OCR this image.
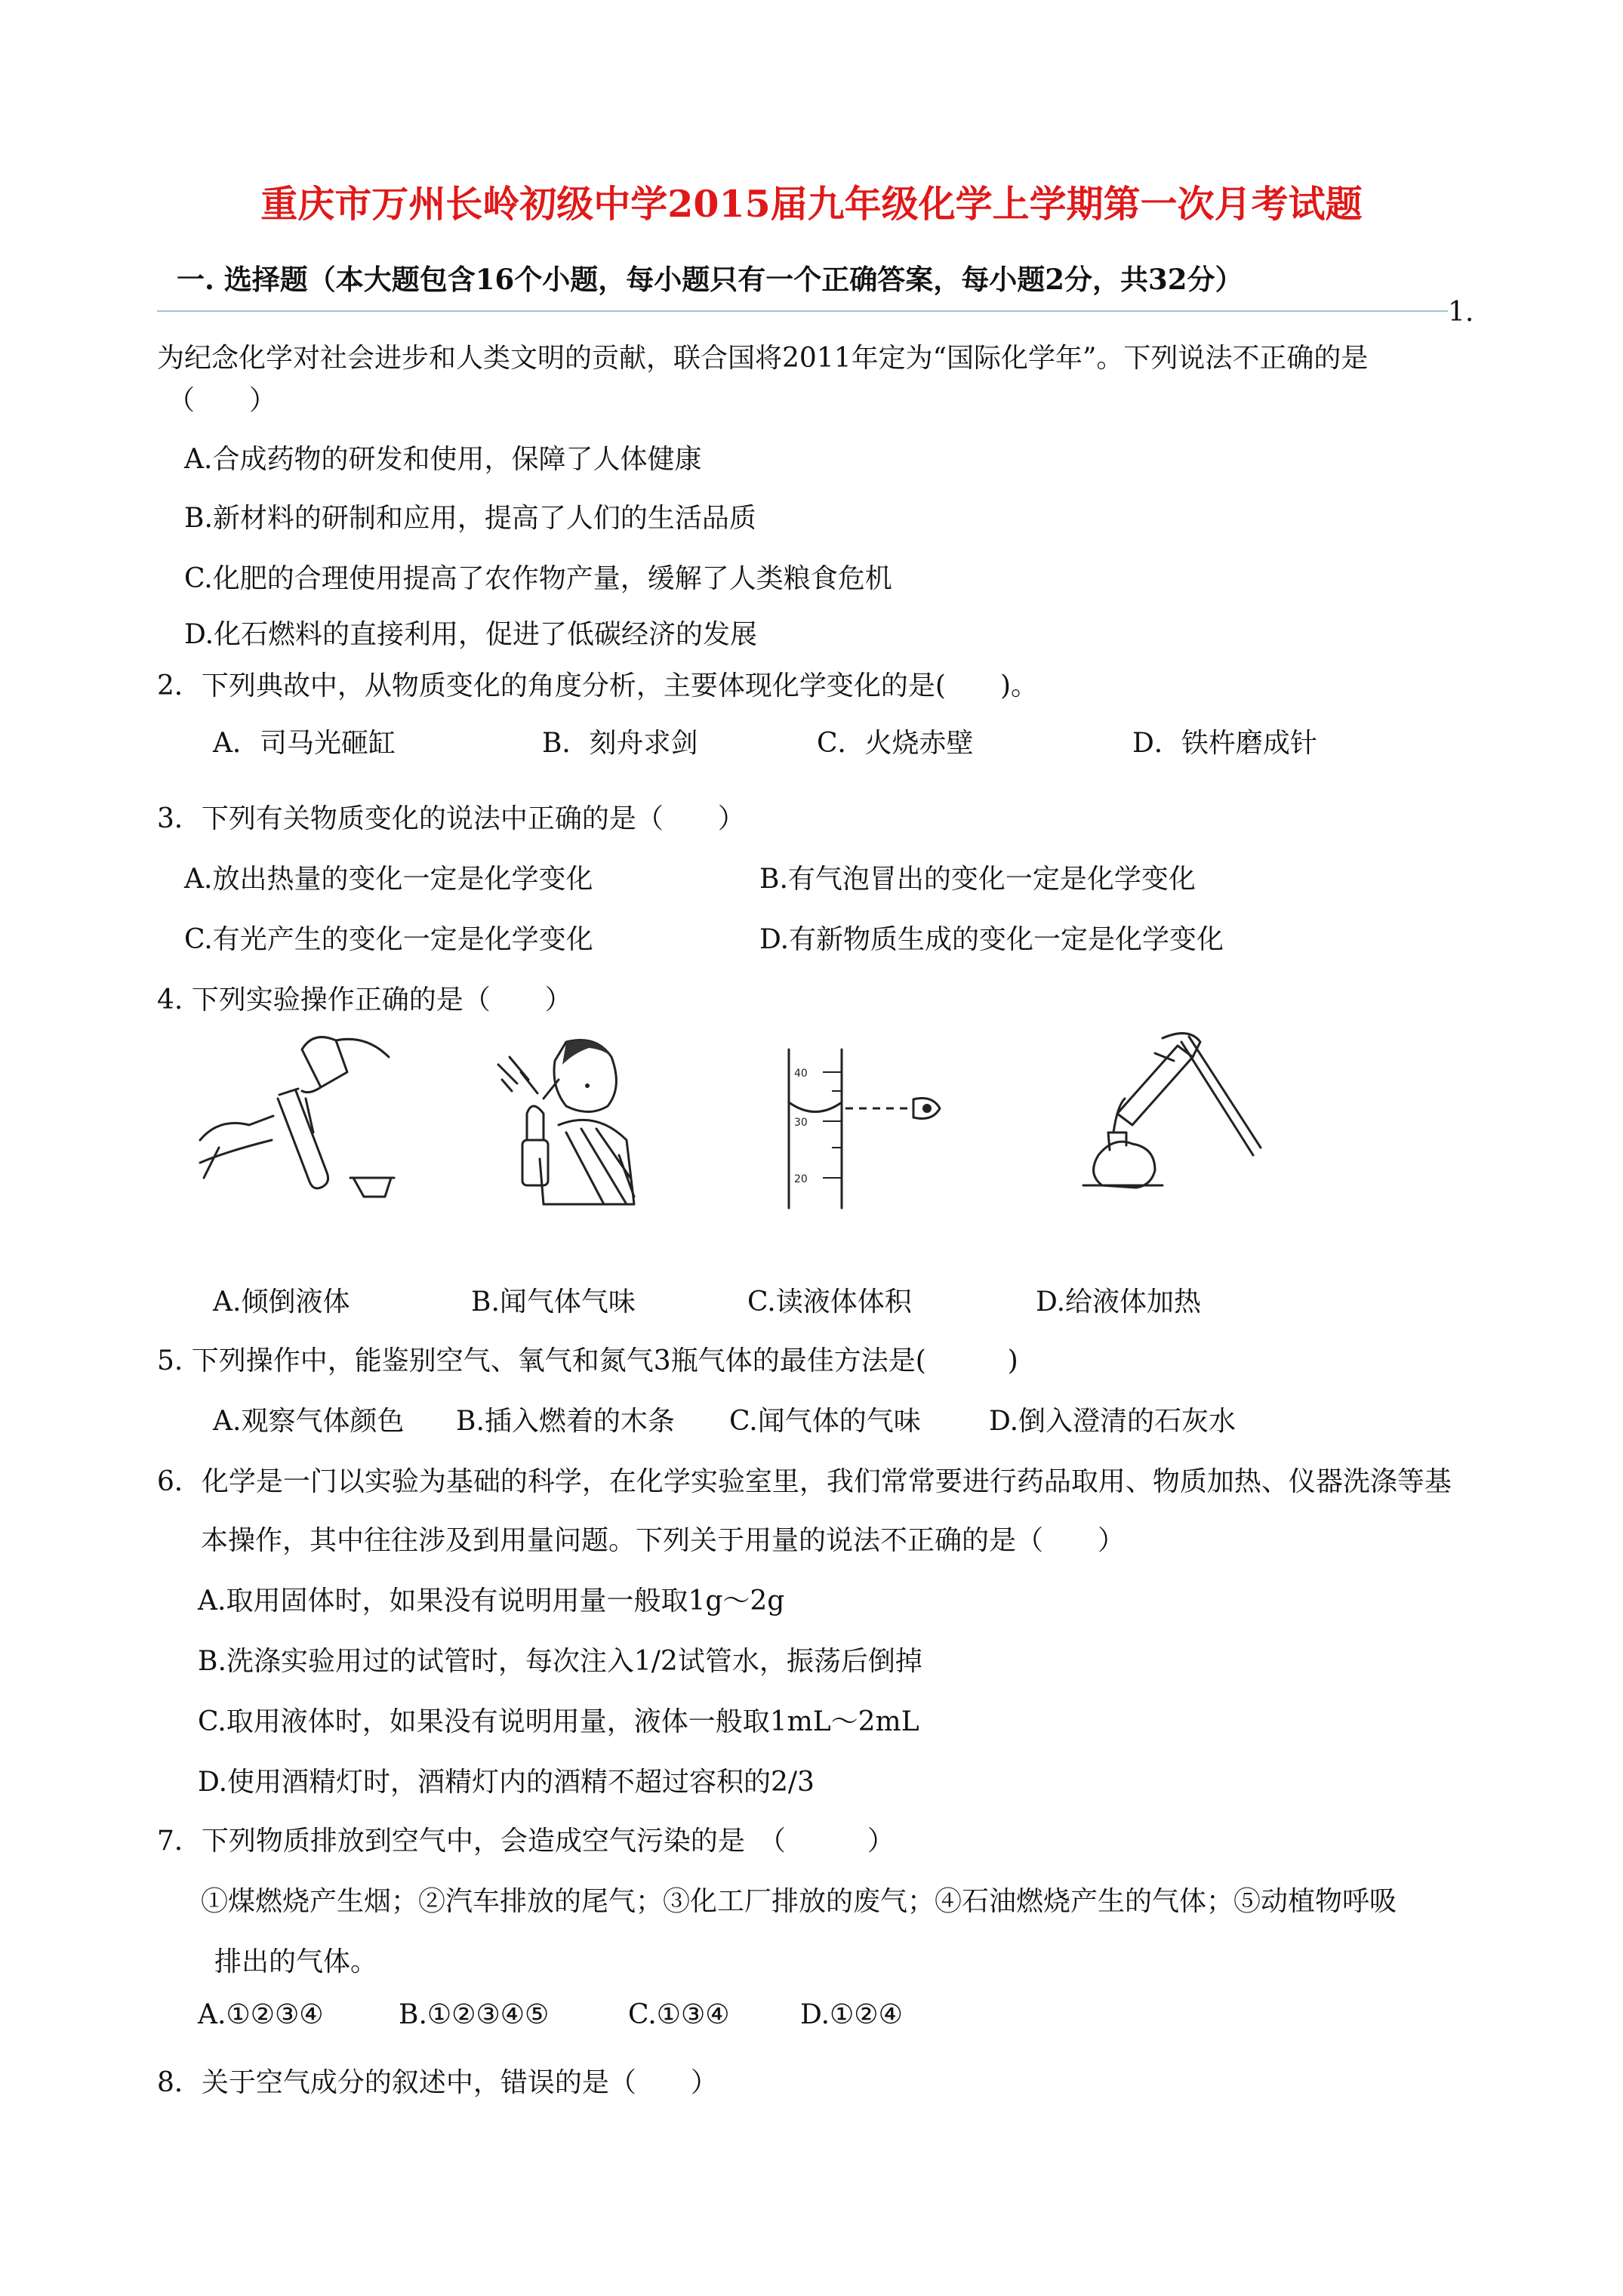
重庆市万州长岭初级中学2015届九年级化学上学期第一次月考试题
一. 选择题（本大题包含16个小题，每小题只有一个正确答案，每小题2分，共32分）
1.
为纪念化学对社会进步和人类文明的贡献，联合国将2011年定为“国际化学年”。下列说法不正确的是
（　　）
A.合成药物的研发和使用，保障了人体健康
B.新材料的研制和应用，提高了人们的生活品质
C.化肥的合理使用提高了农作物产量，缓解了人类粮食危机
D.化石燃料的直接利用，促进了低碳经济的发展
2．下列典故中，从物质变化的角度分析，主要体现化学变化的是(　　)。
A．司马光砸缸	B．刻舟求剑	C．火烧赤壁	D．铁杵磨成针
3．下列有关物质变化的说法中正确的是（　　）
A.放出热量的变化一定是化学变化	B.有气泡冒出的变化一定是化学变化
C.有光产生的变化一定是化学变化	D.有新物质生成的变化一定是化学变化
4. 下列实验操作正确的是（　　）
40
30
20
A.倾倒液体	B.闻气体气味	C.读液体体积	D.给液体加热
5. 下列操作中，能鉴别空气、氧气和氮气3瓶气体的最佳方法是(　　　)
A.观察气体颜色 B.插入燃着的木条 C.闻气体的气味	D.倒入澄清的石灰水
6．化学是一门以实验为基础的科学，在化学实验室里，我们常常要进行药品取用、物质加热、仪器洗涤等基
本操作，其中往往涉及到用量问题。下列关于用量的说法不正确的是（　　）
A.取用固体时，如果没有说明用量一般取1g～2g
B.洗涤实验用过的试管时，每次注入1/2试管水，振荡后倒掉
C.取用液体时，如果没有说明用量，液体一般取1mL～2mL
D.使用酒精灯时，酒精灯内的酒精不超过容积的2/3
7．下列物质排放到空气中，会造成空气污染的是　（　　　）
①煤燃烧产生烟；②汽车排放的尾气；③化工厂排放的废气；④石油燃烧产生的气体；⑤动植物呼吸
排出的气体。
A.①②③④	B.①②③④⑤	C.①③④	D.①②④
8．关于空气成分的叙述中，错误的是（　　）
